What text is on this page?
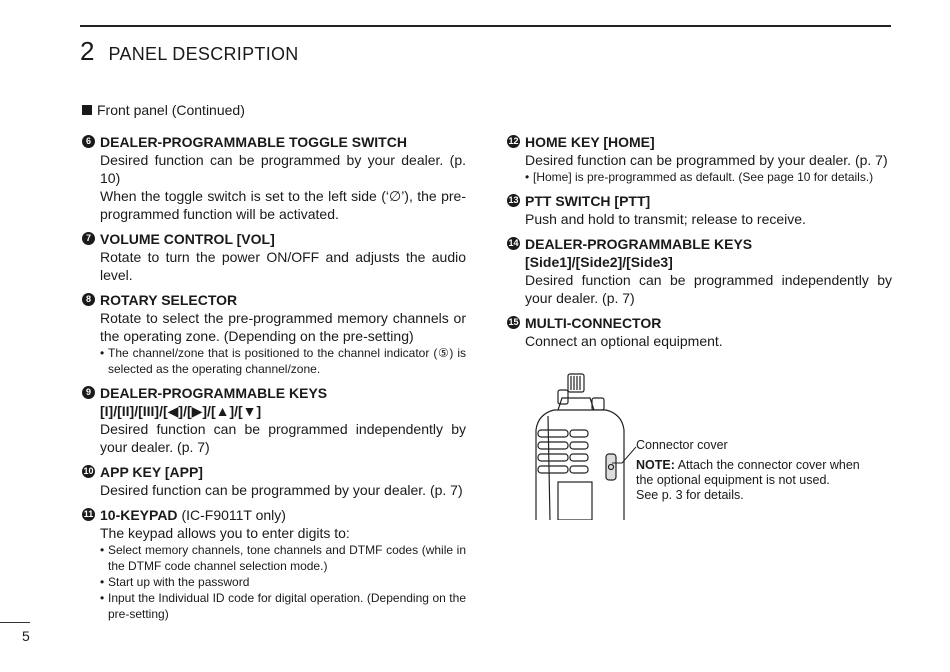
2 PANEL DESCRIPTION
Front panel (Continued)
6 DEALER-PROGRAMMABLE TOGGLE SWITCH

Desired function can be programmed by your dealer. (p. 10)

When the toggle switch is set to the left side (‘∅’), the pre-programmed function will be activated.

7 VOLUME CONTROL [VOL]

Rotate to turn the power ON/OFF and adjusts the audio level.

8 ROTARY SELECTOR

Rotate to select the pre-programmed memory channels or the operating zone. (Depending on the pre-setting)

• The channel/zone that is positioned to the channel indicator (⑤) is selected as the operating channel/zone.
9 DEALER-PROGRAMMABLE KEYS
[I]/[II]/[III]/[◀]/[▶]/[▲]/[▼]

Desired function can be programmed independently by your dealer. (p. 7)

10 APP KEY [APP]

Desired function can be programmed by your dealer. (p. 7)

11 10-KEYPAD (IC-F9011T only)

The keypad allows you to enter digits to:

• Select memory channels, tone channels and DTMF codes (while in the DTMF code channel selection mode.)
• Start up with the password
• Input the Individual ID code for digital operation. (Depending on the pre-setting)
12 HOME KEY [HOME]

Desired function can be programmed by your dealer. (p. 7)

• [Home] is pre-programmed as default. (See page 10 for details.)
13 PTT SWITCH [PTT]

Push and hold to transmit; release to receive.

14 DEALER-PROGRAMMABLE KEYS
[Side1]/[Side2]/[Side3]

Desired function can be programmed independently by your dealer. (p. 7)

15 MULTI-CONNECTOR

Connect an optional equipment.

Connector cover
NOTE: Attach the connector cover when the optional equipment is not used.
See p. 3 for details.
5
